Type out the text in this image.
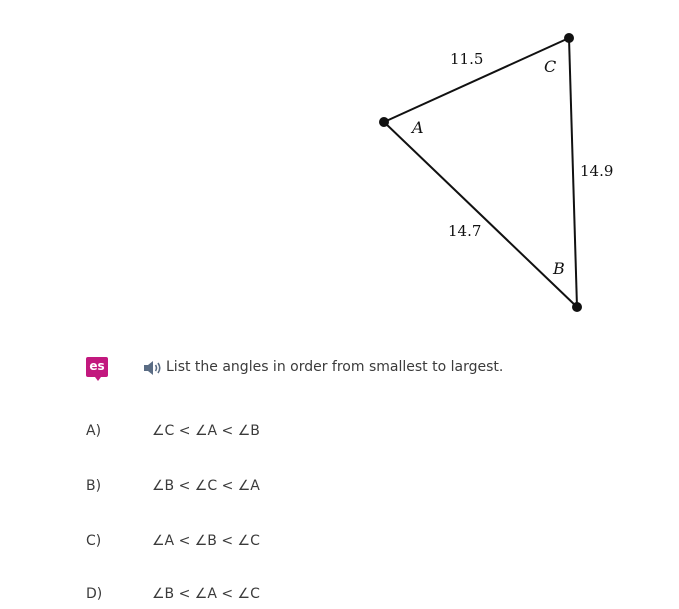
11.5
14.9
14.7
A
B
C
es	List the angles in order from smallest to largest.
A)	∠C < ∠A < ∠B
B)	∠B < ∠C < ∠A
C)	∠A < ∠B < ∠C
D)	∠B < ∠A < ∠C
